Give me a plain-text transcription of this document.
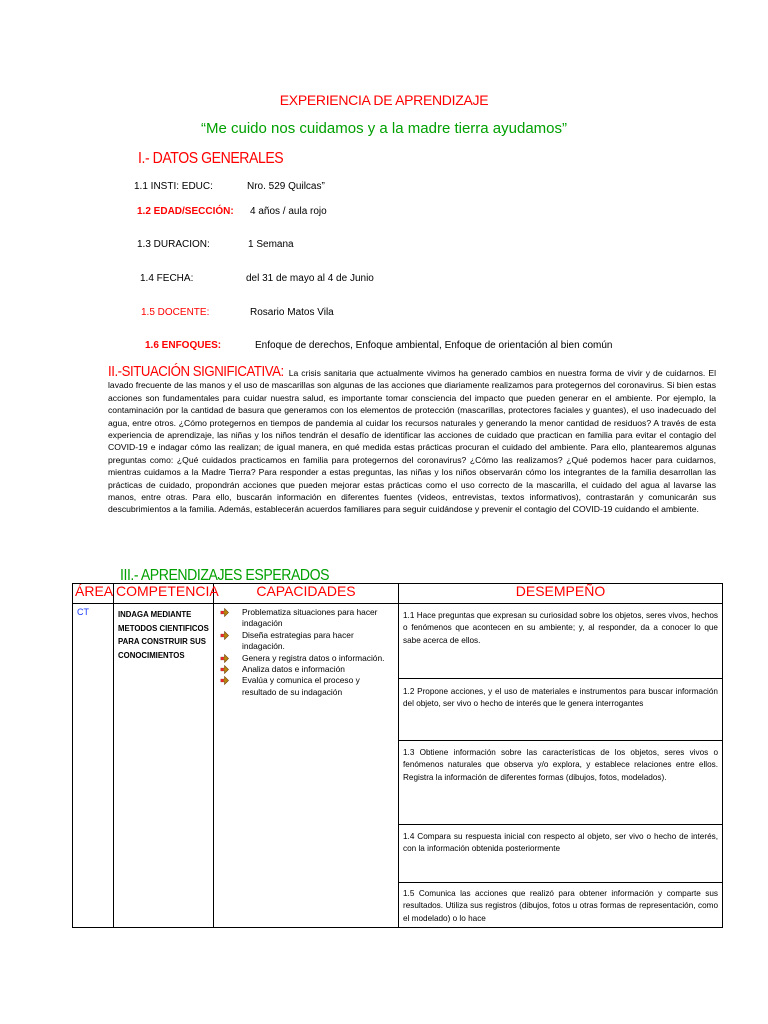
EXPERIENCIA DE APRENDIZAJE
“Me cuido nos cuidamos y a la madre tierra ayudamos”
I.- DATOS GENERALES
1.1 INSTI: EDUC:	Nro. 529 Quilcas”
1.2 EDAD/SECCIÓN: 4 años / aula rojo
1.3 DURACION:	1 Semana
1.4 FECHA:	del 31 de mayo al 4 de Junio
1.5 DOCENTE:	Rosario Matos Vila
1.6 ENFOQUES:	Enfoque de derechos, Enfoque ambiental, Enfoque de orientación al bien común
II.-SITUACIÓN SIGNIFICATIVA: La crisis sanitaria que actualmente vivimos ha generado cambios en nuestra forma de vivir y de cuidarnos. El lavado frecuente de las manos y el uso de mascarillas son algunas de las acciones que diariamente realizamos para protegernos del coronavirus. Si bien estas acciones son fundamentales para cuidar nuestra salud, es importante tomar consciencia del impacto que pueden generar en el ambiente. Por ejemplo, la contaminación por la cantidad de basura que generamos con los elementos de protección (mascarillas, protectores faciales y guantes), el uso inadecuado del agua, entre otros. ¿Cómo protegernos en tiempos de pandemia al cuidar los recursos naturales y generando la menor cantidad de residuos? A través de esta experiencia de aprendizaje, las niñas y los niños tendrán el desafío de identificar las acciones de cuidado que practican en familia para evitar el contagio del COVID-19 e indagar cómo las realizan; de igual manera, en qué medida estas prácticas procuran el cuidado del ambiente. Para ello, plantearemos algunas preguntas como: ¿Qué cuidados practicamos en familia para protegernos del coronavirus? ¿Cómo las realizamos? ¿Qué podemos hacer para cuidarnos, mientras cuidamos a la Madre Tierra? Para responder a estas preguntas, las niñas y los niños observarán cómo los integrantes de la familia desarrollan las prácticas de cuidado, propondrán acciones que pueden mejorar estas prácticas como el uso correcto de la mascarilla, el cuidado del agua al lavarse las manos, entre otras. Para ello, buscarán información en diferentes fuentes (videos, entrevistas, textos informativos), contrastarán y comunicarán sus descubrimientos a la familia. Además, establecerán acuerdos familiares para seguir cuidándose y prevenir el contagio del COVID-19 cuidando el ambiente.
III.- APRENDIZAJES ESPERADOS
ÁREA	COMPETENCIA	CAPACIDADES	DESEMPEÑO
CT	INDAGA MEDIANTE METODOS CIENTIFICOS PARA CONSTRUIR SUS CONOCIMIENTOS	Problematiza situaciones para hacer indagación
Diseña estrategias para hacer indagación.
Genera y registra datos o información.
Analiza datos e información
Evalúa y comunica el proceso y resultado de su indagación	1.1 Hace preguntas que expresan su curiosidad sobre los objetos, seres vivos, hechos o fenómenos que acontecen en su ambiente; y, al responder, da a conocer lo que sabe acerca de ellos.
			1.2 Propone acciones, y el uso de materiales e instrumentos para buscar información del objeto, ser vivo o hecho de interés que le genera interrogantes
			1.3 Obtiene información sobre las características de los objetos, seres vivos o fenómenos naturales que observa y/o explora, y establece relaciones entre ellos. Registra la información de diferentes formas (dibujos, fotos, modelados).
			1.4 Compara su respuesta inicial con respecto al objeto, ser vivo o hecho de interés, con la información obtenida posteriormente
			1.5 Comunica las acciones que realizó para obtener información y comparte sus resultados. Utiliza sus registros (dibujos, fotos u otras formas de representación, como el modelado) o lo hace
